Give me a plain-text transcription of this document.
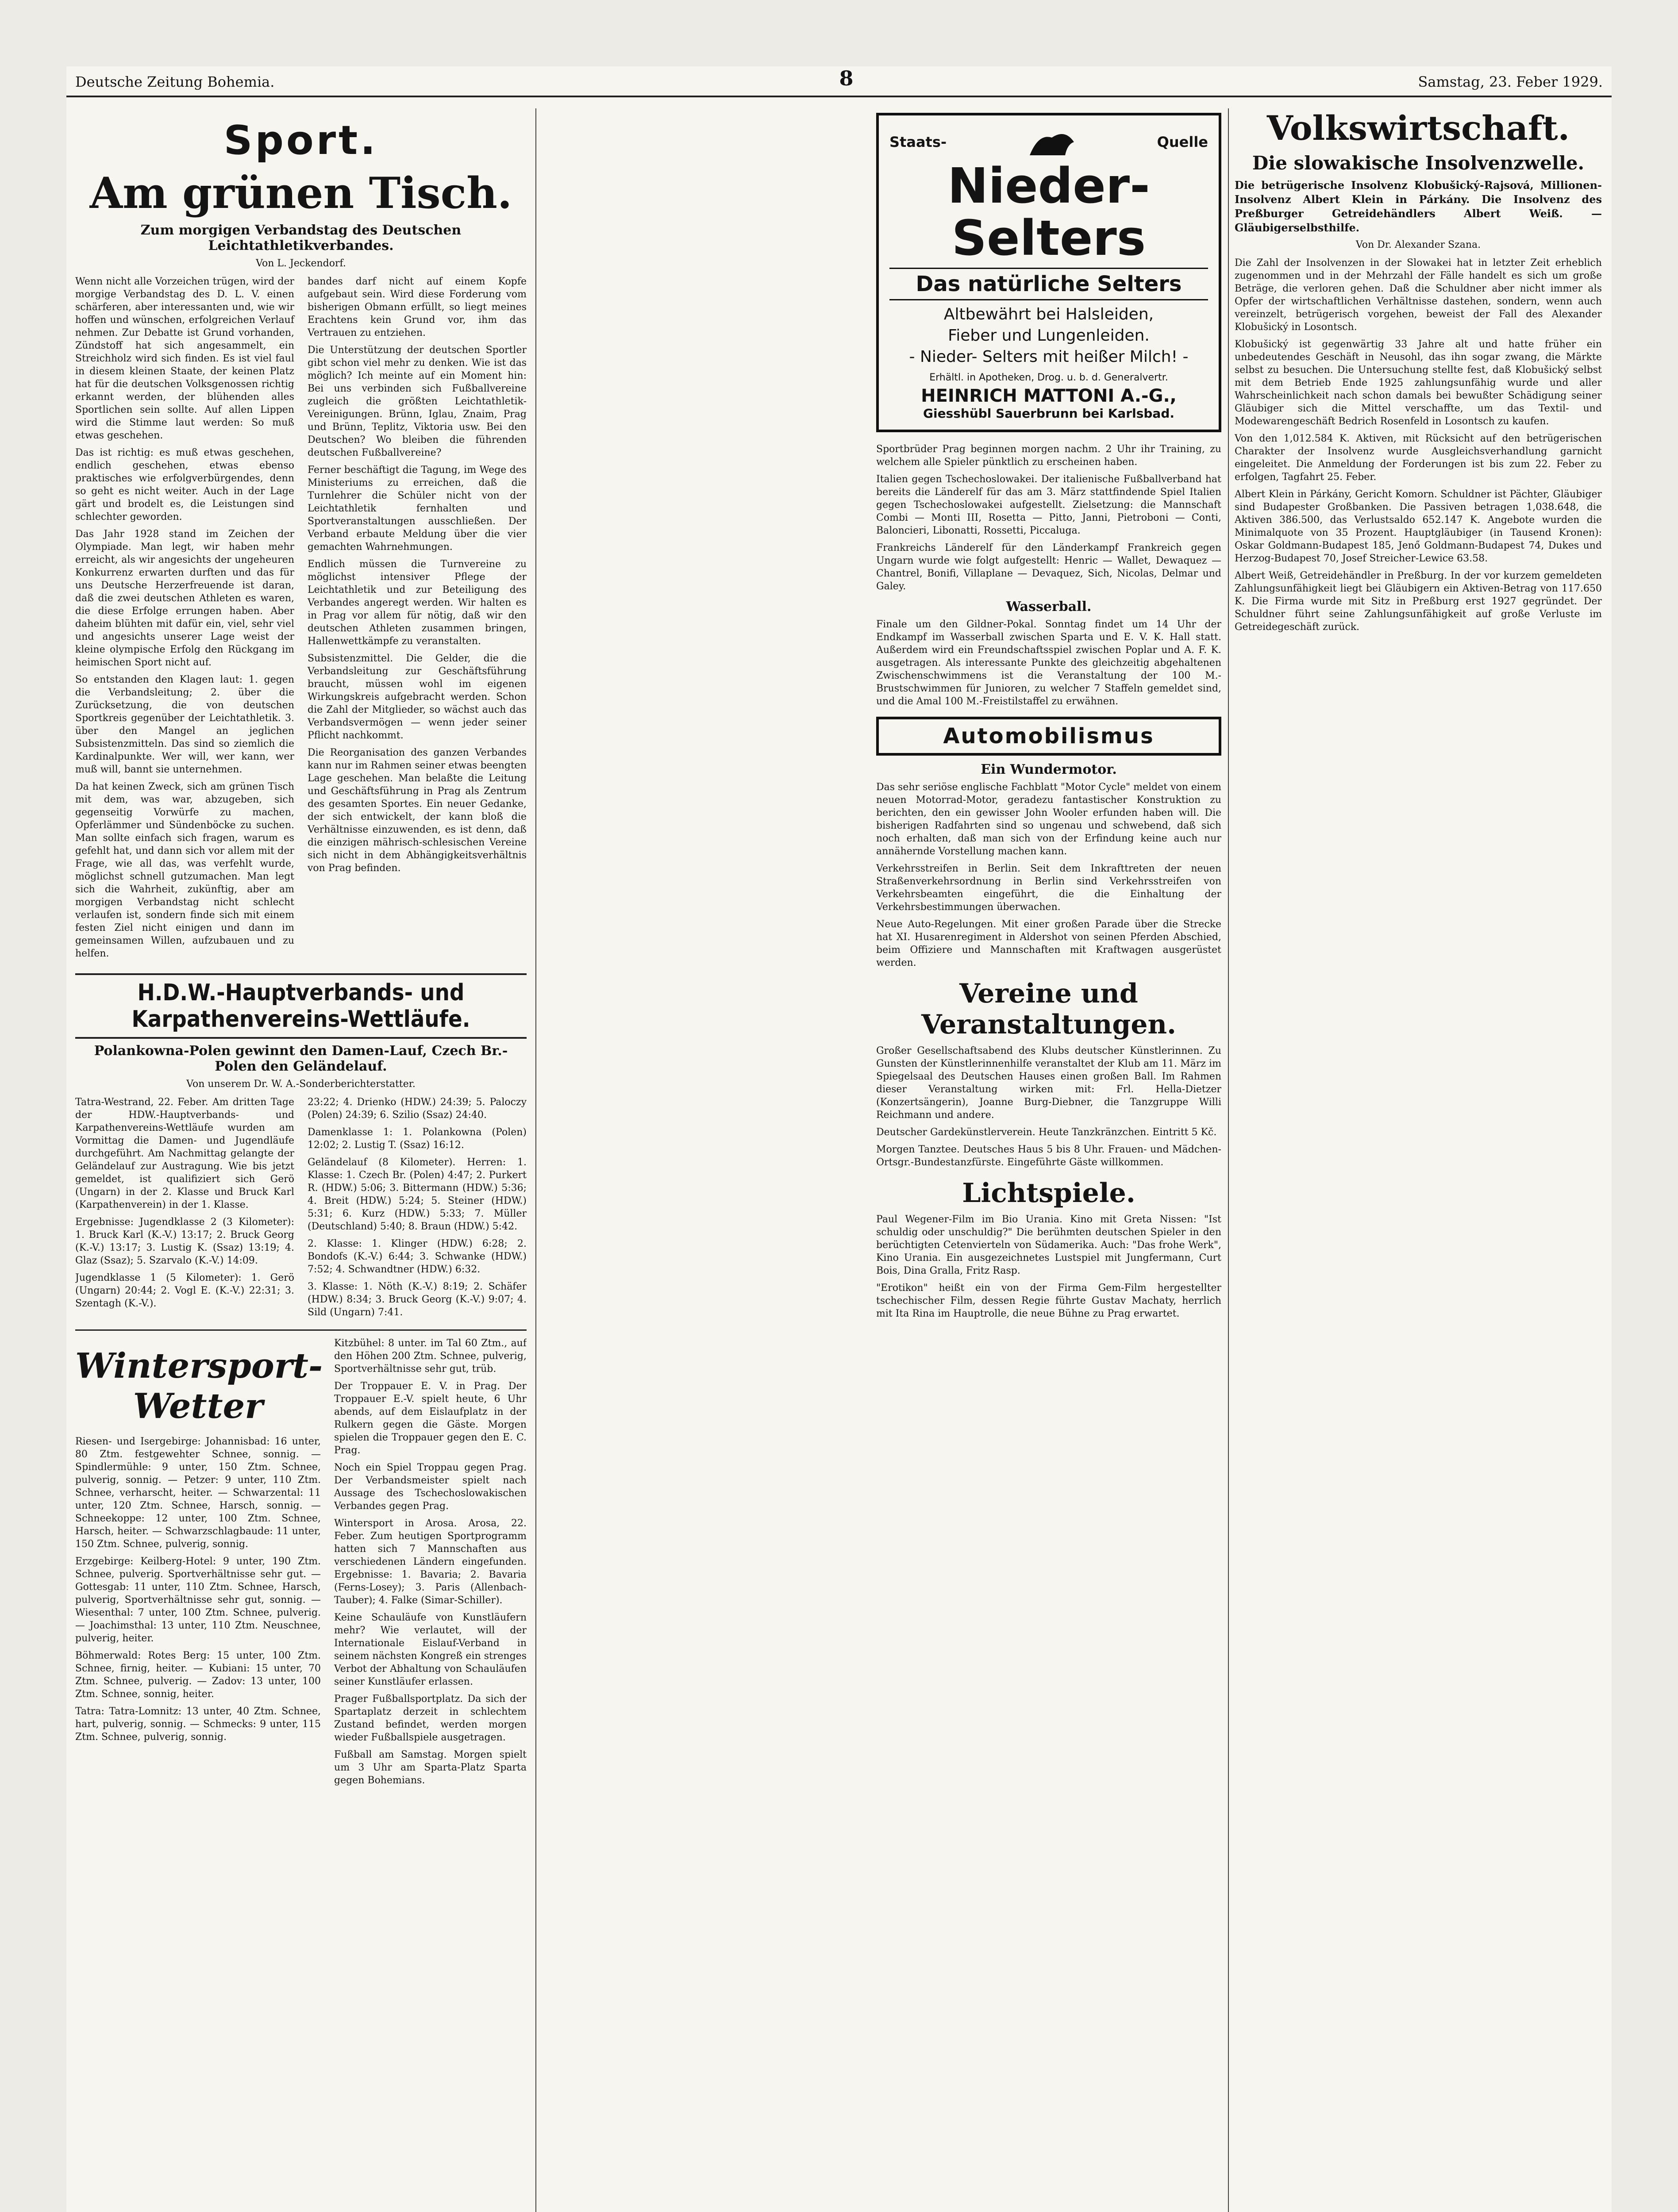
Deutsche Zeitung Bohemia.	8	Samstag, 23. Feber 1929.
Sport.
Am grünen Tisch.
Zum morgigen Verbandstag des Deutschen Leichtathletikverbandes.
Von L. Jeckendorf.

Wenn nicht alle Vorzeichen trügen, wird der morgige Verbandstag des D. L. V. einen schärferen, aber interessanten und, wie wir hoffen und wünschen, erfolgreichen Verlauf nehmen. Zur Debatte ist Grund vorhanden, Zündstoff hat sich angesammelt, ein Streichholz wird sich finden. Es ist viel faul in diesem kleinen Staate, der keinen Platz hat für die deutschen Volksgenossen richtig erkannt werden, der blühenden alles Sportlichen sein sollte. Auf allen Lippen wird die Stimme laut werden: So muß etwas geschehen.

Das ist richtig: es muß etwas geschehen, endlich geschehen, etwas ebenso praktisches wie erfolgverbürgendes, denn so geht es nicht weiter. Auch in der Lage gärt und brodelt es, die Leistungen sind schlechter geworden.

Das Jahr 1928 stand im Zeichen der Olympiade. Man legt, wir haben mehr erreicht, als wir angesichts der ungeheuren Konkurrenz erwarten durften und das für uns Deutsche Herzerfreuende ist daran, daß die zwei deutschen Athleten es waren, die diese Erfolge errungen haben. Aber daheim blühten mit dafür ein, viel, sehr viel und angesichts unserer Lage weist der kleine olympische Erfolg den Rückgang im heimischen Sport nicht auf.

So entstanden den Klagen laut: 1. gegen die Verbandsleitung; 2. über die Zurücksetzung, die von deutschen Sportkreis gegenüber der Leichtathletik. 3. über den Mangel an jeglichen Subsistenzmitteln. Das sind so ziemlich die Kardinalpunkte. Wer will, wer kann, wer muß will, bannt sie unternehmen.

Da hat keinen Zweck, sich am grünen Tisch mit dem, was war, abzugeben, sich gegenseitig Vorwürfe zu machen, Opferlämmer und Sündenböcke zu suchen. Man sollte einfach sich fragen, warum es gefehlt hat, und dann sich vor allem mit der Frage, wie all das, was verfehlt wurde, möglichst schnell gutzumachen. Man legt sich die Wahrheit, zukünftig, aber am morgigen Verbandstag nicht schlecht verlaufen ist, sondern finde sich mit einem festen Ziel nicht einigen und dann im gemeinsamen Willen, aufzubauen und zu helfen.

bandes darf nicht auf einem Kopfe aufgebaut sein. Wird diese Forderung vom bisherigen Obmann erfüllt, so liegt meines Erachtens kein Grund vor, ihm das Vertrauen zu entziehen.

Die Unterstützung der deutschen Sportler gibt schon viel mehr zu denken. Wie ist das möglich? Ich meinte auf ein Moment hin: Bei uns verbinden sich Fußballvereine zugleich die größten Leichtathletik-Vereinigungen. Brünn, Iglau, Znaim, Prag und Brünn, Teplitz, Viktoria usw. Bei den Deutschen? Wo bleiben die führenden deutschen Fußballvereine?

Ferner beschäftigt die Tagung, im Wege des Ministeriums zu erreichen, daß die Turnlehrer die Schüler nicht von der Leichtathletik fernhalten und Sportveranstaltungen ausschließen. Der Verband erbaute Meldung über die vier gemachten Wahrnehmungen.

Endlich müssen die Turnvereine zu möglichst intensiver Pflege der Leichtathletik und zur Beteiligung des Verbandes angeregt werden. Wir halten es in Prag vor allem für nötig, daß wir den deutschen Athleten zusammen bringen, Hallenwettkämpfe zu veranstalten.

Subsistenzmittel. Die Gelder, die die Verbandsleitung zur Geschäftsführung braucht, müssen wohl im eigenen Wirkungskreis aufgebracht werden. Schon die Zahl der Mitglieder, so wächst auch das Verbandsvermögen — wenn jeder seiner Pflicht nachkommt.

Die Reorganisation des ganzen Verbandes kann nur im Rahmen seiner etwas beengten Lage geschehen. Man belaßte die Leitung und Geschäftsführung in Prag als Zentrum des gesamten Sportes. Ein neuer Gedanke, der sich entwickelt, der kann bloß die Verhältnisse einzuwenden, es ist denn, daß die einzigen mährisch-schlesischen Vereine sich nicht in dem Abhängigkeitsverhältnis von Prag befinden.

H.D.W.-Hauptverbands- und Karpathenvereins-Wettläufe.
Polankowna-Polen gewinnt den Damen-Lauf, Czech Br.-Polen den Geländelauf.
Von unserem Dr. W. A.-Sonderberichterstatter.

Tatra-Westrand, 22. Feber. Am dritten Tage der HDW.-Hauptverbands- und Karpathenvereins-Wettläufe wurden am Vormittag die Damen- und Jugendläufe durchgeführt. Am Nachmittag gelangte der Geländelauf zur Austragung. Wie bis jetzt gemeldet, ist qualifiziert sich Gerö (Ungarn) in der 2. Klasse und Bruck Karl (Karpathenverein) in der 1. Klasse.

Ergebnisse: Jugendklasse 2 (3 Kilometer): 1. Bruck Karl (K.-V.) 13:17; 2. Bruck Georg (K.-V.) 13:17; 3. Lustig K. (Ssaz) 13:19; 4. Glaz (Ssaz); 5. Szarvalo (K.-V.) 14:09.

Jugendklasse 1 (5 Kilometer): 1. Gerö (Ungarn) 20:44; 2. Vogl E. (K.-V.) 22:31; 3. Szentagh (K.-V.).

23:22; 4. Drienko (HDW.) 24:39; 5. Paloczy (Polen) 24:39; 6. Szilio (Ssaz) 24:40.

Damenklasse 1: 1. Polankowna (Polen) 12:02; 2. Lustig T. (Ssaz) 16:12.

Geländelauf (8 Kilometer). Herren: 1. Klasse: 1. Czech Br. (Polen) 4:47; 2. Purkert R. (HDW.) 5:06; 3. Bittermann (HDW.) 5:36; 4. Breit (HDW.) 5:24; 5. Steiner (HDW.) 5:31; 6. Kurz (HDW.) 5:33; 7. Müller (Deutschland) 5:40; 8. Braun (HDW.) 5:42.

2. Klasse: 1. Klinger (HDW.) 6:28; 2. Bondofs (K.-V.) 6:44; 3. Schwanke (HDW.) 7:52; 4. Schwandtner (HDW.) 6:32.

3. Klasse: 1. Nöth (K.-V.) 8:19; 2. Schäfer (HDW.) 8:34; 3. Bruck Georg (K.-V.) 9:07; 4. Sild (Ungarn) 7:41.

Wintersport-Wetter

Riesen- und Isergebirge: Johannisbad: 16 unter, 80 Ztm. festgewehter Schnee, sonnig. — Spindlermühle: 9 unter, 150 Ztm. Schnee, pulverig, sonnig. — Petzer: 9 unter, 110 Ztm. Schnee, verharscht, heiter. — Schwarzental: 11 unter, 120 Ztm. Schnee, Harsch, sonnig. — Schneekoppe: 12 unter, 100 Ztm. Schnee, Harsch, heiter. — Schwarzschlagbaude: 11 unter, 150 Ztm. Schnee, pulverig, sonnig.

Erzgebirge: Keilberg-Hotel: 9 unter, 190 Ztm. Schnee, pulverig. Sportverhältnisse sehr gut. — Gottesgab: 11 unter, 110 Ztm. Schnee, Harsch, pulverig, Sportverhältnisse sehr gut, sonnig. — Wiesenthal: 7 unter, 100 Ztm. Schnee, pulverig. — Joachimsthal: 13 unter, 110 Ztm. Neuschnee, pulverig, heiter.

Böhmerwald: Rotes Berg: 15 unter, 100 Ztm. Schnee, firnig, heiter. — Kubiani: 15 unter, 70 Ztm. Schnee, pulverig. — Zadov: 13 unter, 100 Ztm. Schnee, sonnig, heiter.

Tatra: Tatra-Lomnitz: 13 unter, 40 Ztm. Schnee, hart, pulverig, sonnig. — Schmecks: 9 unter, 115 Ztm. Schnee, pulverig, sonnig.

Kitzbühel: 8 unter. im Tal 60 Ztm., auf den Höhen 200 Ztm. Schnee, pulverig, Sportverhältnisse sehr gut, trüb.

Der Troppauer E. V. in Prag. Der Troppauer E.-V. spielt heute, 6 Uhr abends, auf dem Eislaufplatz in der Rulkern gegen die Gäste. Morgen spielen die Troppauer gegen den E. C. Prag.

Noch ein Spiel Troppau gegen Prag. Der Verbandsmeister spielt nach Aussage des Tschechoslowakischen Verbandes gegen Prag.

Wintersport in Arosa. Arosa, 22. Feber. Zum heutigen Sportprogramm hatten sich 7 Mannschaften aus verschiedenen Ländern eingefunden. Ergebnisse: 1. Bavaria; 2. Bavaria (Ferns-Losey); 3. Paris (Allenbach-Tauber); 4. Falke (Simar-Schiller).

Keine Schauläufe von Kunstläufern mehr? Wie verlautet, will der Internationale Eislauf-Verband in seinem nächsten Kongreß ein strenges Verbot der Abhaltung von Schauläufen seiner Kunstläufer erlassen.

Prager Fußballsportplatz. Da sich der Spartaplatz derzeit in schlechtem Zustand befindet, werden morgen wieder Fußballspiele ausgetragen.

Fußball am Samstag. Morgen spielt um 3 Uhr am Sparta-Platz Sparta gegen Bohemians.

Staats-	Quelle
Nieder-Selters
Das natürliche Selters
Altbewährt bei Halsleiden,
Fieber und Lungenleiden.
- Nieder- Selters mit heißer Milch! -
Erhältl. in Apotheken, Drog. u. b. d. Generalvertr.
HEINRICH MATTONI A.-G.,
Giesshübl Sauerbrunn bei Karlsbad.

Sportbrüder Prag beginnen morgen nachm. 2 Uhr ihr Training, zu welchem alle Spieler pünktlich zu erscheinen haben.

Italien gegen Tschechoslowakei. Der italienische Fußballverband hat bereits die Länderelf für das am 3. März stattfindende Spiel Italien gegen Tschechoslowakei aufgestellt. Zielsetzung: die Mannschaft Combi — Monti III, Rosetta — Pitto, Janni, Pietroboni — Conti, Baloncieri, Libonatti, Rossetti, Piccaluga.

Frankreichs Länderelf für den Länderkampf Frankreich gegen Ungarn wurde wie folgt aufgestellt: Henric — Wallet, Dewaquez — Chantrel, Bonifi, Villaplane — Devaquez, Sich, Nicolas, Delmar und Galey.

Wasserball.

Finale um den Gildner-Pokal. Sonntag findet um 14 Uhr der Endkampf im Wasserball zwischen Sparta und E. V. K. Hall statt. Außerdem wird ein Freundschaftsspiel zwischen Poplar und A. F. K. ausgetragen. Als interessante Punkte des gleichzeitig abgehaltenen Zwischenschwimmens ist die Veranstaltung der 100 M.-Brustschwimmen für Junioren, zu welcher 7 Staffeln gemeldet sind, und die Amal 100 M.-Freistilstaffel zu erwähnen.

Automobilismus
Ein Wundermotor.

Das sehr seriöse englische Fachblatt "Motor Cycle" meldet von einem neuen Motorrad-Motor, geradezu fantastischer Konstruktion zu berichten, den ein gewisser John Wooler erfunden haben will. Die bisherigen Radfahrten sind so ungenau und schwebend, daß sich noch erhalten, daß man sich von der Erfindung keine auch nur annähernde Vorstellung machen kann.

Verkehrsstreifen in Berlin. Seit dem Inkrafttreten der neuen Straßenverkehrsordnung in Berlin sind Verkehrsstreifen von Verkehrsbeamten eingeführt, die die Einhaltung der Verkehrsbestimmungen überwachen.

Neue Auto-Regelungen. Mit einer großen Parade über die Strecke hat XI. Husarenregiment in Aldershot von seinen Pferden Abschied, beim Offiziere und Mannschaften mit Kraftwagen ausgerüstet werden.

Vereine und Veranstaltungen.

Großer Gesellschaftsabend des Klubs deutscher Künstlerinnen. Zu Gunsten der Künstlerinnenhilfe veranstaltet der Klub am 11. März im Spiegelsaal des Deutschen Hauses einen großen Ball. Im Rahmen dieser Veranstaltung wirken mit: Frl. Hella-Dietzer (Konzertsängerin), Joanne Burg-Diebner, die Tanzgruppe Willi Reichmann und andere.

Deutscher Gardekünstlerverein. Heute Tanzkränzchen. Eintritt 5 Kč.

Morgen Tanztee. Deutsches Haus 5 bis 8 Uhr. Frauen- und Mädchen-Ortsgr.-Bundestanzfürste. Eingeführte Gäste willkommen.

Lichtspiele.

Paul Wegener-Film im Bio Urania. Kino mit Greta Nissen: "Ist schuldig oder unschuldig?" Die berühmten deutschen Spieler in den berüchtigten Cetenvierteln von Südamerika. Auch: "Das frohe Werk", Kino Urania. Ein ausgezeichnetes Lustspiel mit Jungfermann, Curt Bois, Dina Gralla, Fritz Rasp.

"Erotikon" heißt ein von der Firma Gem-Film hergestellter tschechischer Film, dessen Regie führte Gustav Machaty, herrlich mit Ita Rina im Hauptrolle, die neue Bühne zu Prag erwartet.

Volkswirtschaft.
Die slowakische Insolvenzwelle.

Die betrügerische Insolvenz Klobušický-Rajsová, Millionen-Insolvenz Albert Klein in Párkány. Die Insolvenz des Preßburger Getreidehändlers Albert Weiß. — Gläubigerselbsthilfe.

Von Dr. Alexander Szana.

Die Zahl der Insolvenzen in der Slowakei hat in letzter Zeit erheblich zugenommen und in der Mehrzahl der Fälle handelt es sich um große Beträge, die verloren gehen. Daß die Schuldner aber nicht immer als Opfer der wirtschaftlichen Verhältnisse dastehen, sondern, wenn auch vereinzelt, betrügerisch vorgehen, beweist der Fall des Alexander Klobušický in Losontsch.

Klobušický ist gegenwärtig 33 Jahre alt und hatte früher ein unbedeutendes Geschäft in Neusohl, das ihn sogar zwang, die Märkte selbst zu besuchen. Die Untersuchung stellte fest, daß Klobušický selbst mit dem Betrieb Ende 1925 zahlungsunfähig wurde und aller Wahrscheinlichkeit nach schon damals bei bewußter Schädigung seiner Gläubiger sich die Mittel verschaffte, um das Textil- und Modewarengeschäft Bedrich Rosenfeld in Losontsch zu kaufen.

Von den 1,012.584 K. Aktiven, mit Rücksicht auf den betrügerischen Charakter der Insolvenz wurde Ausgleichsverhandlung garnicht eingeleitet. Die Anmeldung der Forderungen ist bis zum 22. Feber zu erfolgen, Tagfahrt 25. Feber.

Albert Klein in Párkány, Gericht Komorn. Schuldner ist Pächter, Gläubiger sind Budapester Großbanken. Die Passiven betragen 1,038.648, die Aktiven 386.500, das Verlustsaldo 652.147 K. Angebote wurden die Minimalquote von 35 Prozent. Hauptgläubiger (in Tausend Kronen): Oskar Goldmann-Budapest 185, Jenő Goldmann-Budapest 74, Dukes und Herzog-Budapest 70, Josef Streicher-Lewice 63.58.

Albert Weiß, Getreidehändler in Preßburg. In der vor kurzem gemeldeten Zahlungsunfähigkeit liegt bei Gläubigern ein Aktiven-Betrag von 117.650 K. Die Firma wurde mit Sitz in Preßburg erst 1927 gegründet. Der Schuldner führt seine Zahlungsunfähigkeit auf große Verluste im Getreidegeschäft zurück.
